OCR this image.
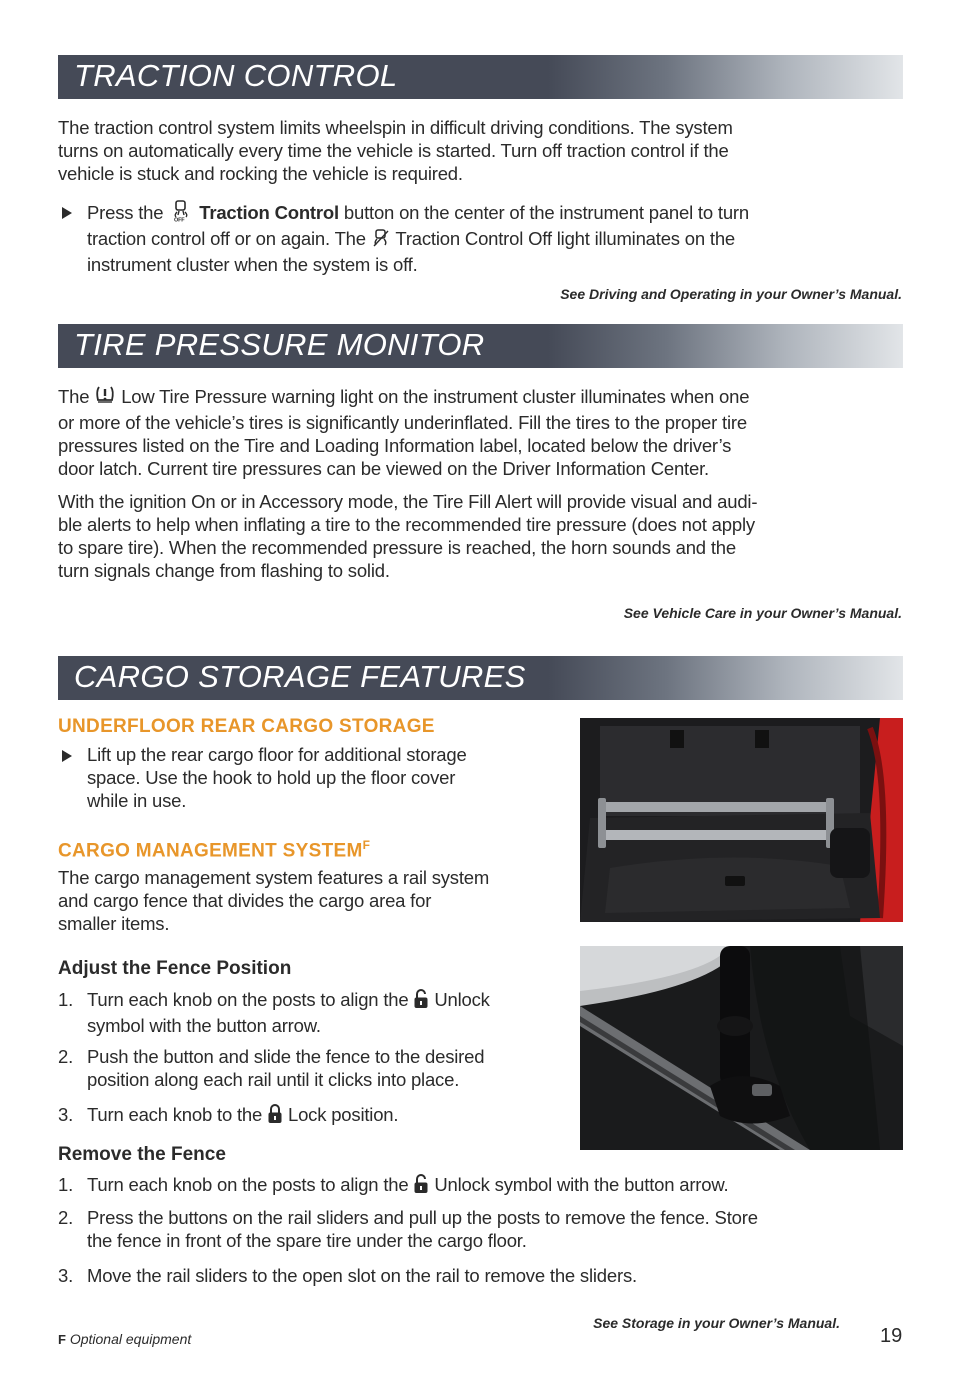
TRACTION CONTROL
The traction control system limits wheelspin in difficult driving conditions. The system
turns on automatically every time the vehicle is started. Turn off traction control if the
vehicle is stuck and rocking the vehicle is required.
Press the OFF Traction Control button on the center of the instrument panel to turn
traction control off or on again. The Traction Control Off light illuminates on the
instrument cluster when the system is off.
See Driving and Operating in your Owner’s Manual.
TIRE PRESSURE MONITOR
The Low Tire Pressure warning light on the instrument cluster illuminates when one
or more of the vehicle’s tires is significantly underinflated. Fill the tires to the proper tire
pressures listed on the Tire and Loading Information label, located below the driver’s
door latch. Current tire pressures can be viewed on the Driver Information Center.
With the ignition On or in Accessory mode, the Tire Fill Alert will provide visual and audi-
ble alerts to help when inflating a tire to the recommended tire pressure (does not apply
to spare tire). When the recommended pressure is reached, the horn sounds and the
turn signals change from flashing to solid.
See Vehicle Care in your Owner’s Manual.
CARGO STORAGE FEATURES
UNDERFLOOR REAR CARGO STORAGE
Lift up the rear cargo floor for additional storage
space. Use the hook to hold up the floor cover
while in use.
CARGO MANAGEMENT $SYSTEM^F$
The cargo management system features a rail system
and cargo fence that divides the cargo area for
smaller items.
Adjust the Fence Position
1. Turn each knob on the posts to align the Unlock
symbol with the button arrow.
2. Push the button and slide the fence to the desired
position along each rail until it clicks into place.
3. Turn each knob to the Lock position.
Remove the Fence
1. Turn each knob on the posts to align the Unlock symbol with the button arrow.
2. Press the buttons on the rail sliders and pull up the posts to remove the fence. Store
the fence in front of the spare tire under the cargo floor.
3. Move the rail sliders to the open slot on the rail to remove the sliders.
See Storage in your Owner’s Manual.
F Optional equipment	19
